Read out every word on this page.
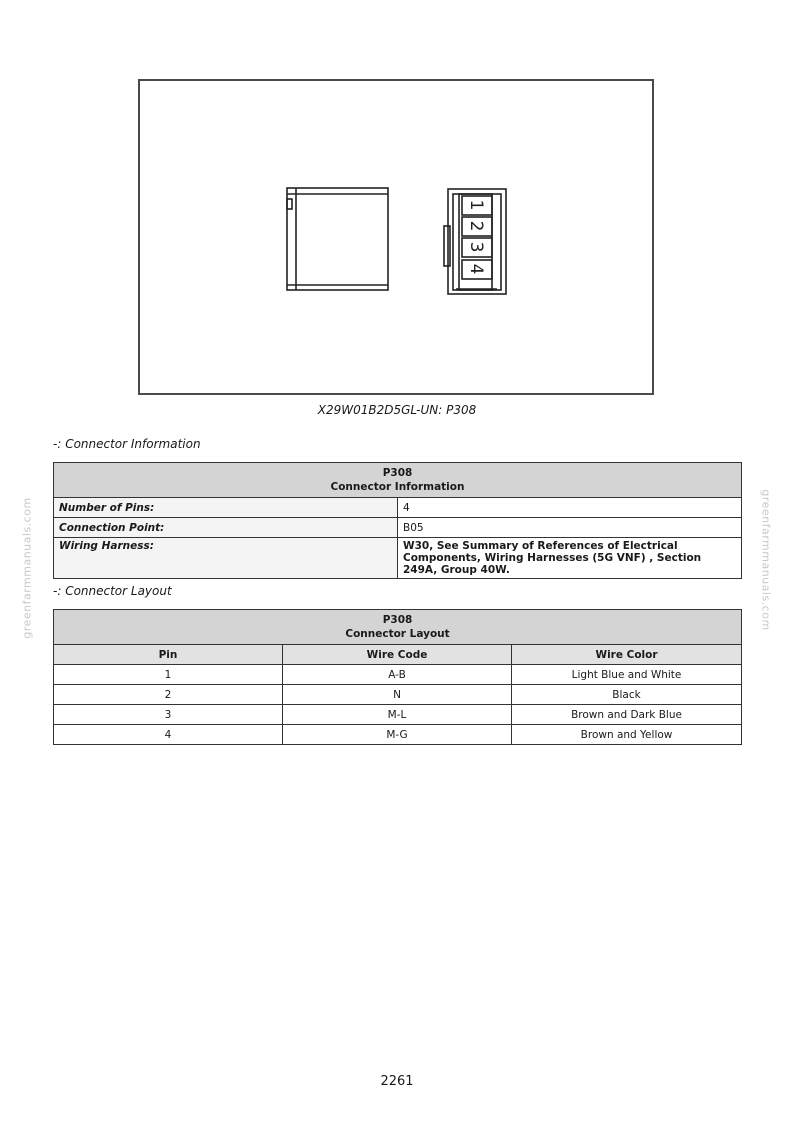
1
2
3
4
X29W01B2D5GL-UN: P308
-: Connector Information
P308
Connector Information	

Number of Pins:	4
Connection Point:	B05
Wiring Harness:	W30, See Summary of References of Electrical Components, Wiring Harnesses (5G VNF) , Section 249A, Group 40W.
-: Connector Layout
P308
Connector Layout		

Pin	Wire Code	Wire Color
1	A-B	Light Blue and White
2	N	Black
3	M-L	Brown and Dark Blue
4	M-G	Brown and Yellow
greenfarmmanuals.com	greenfarmmanuals.com
2261
